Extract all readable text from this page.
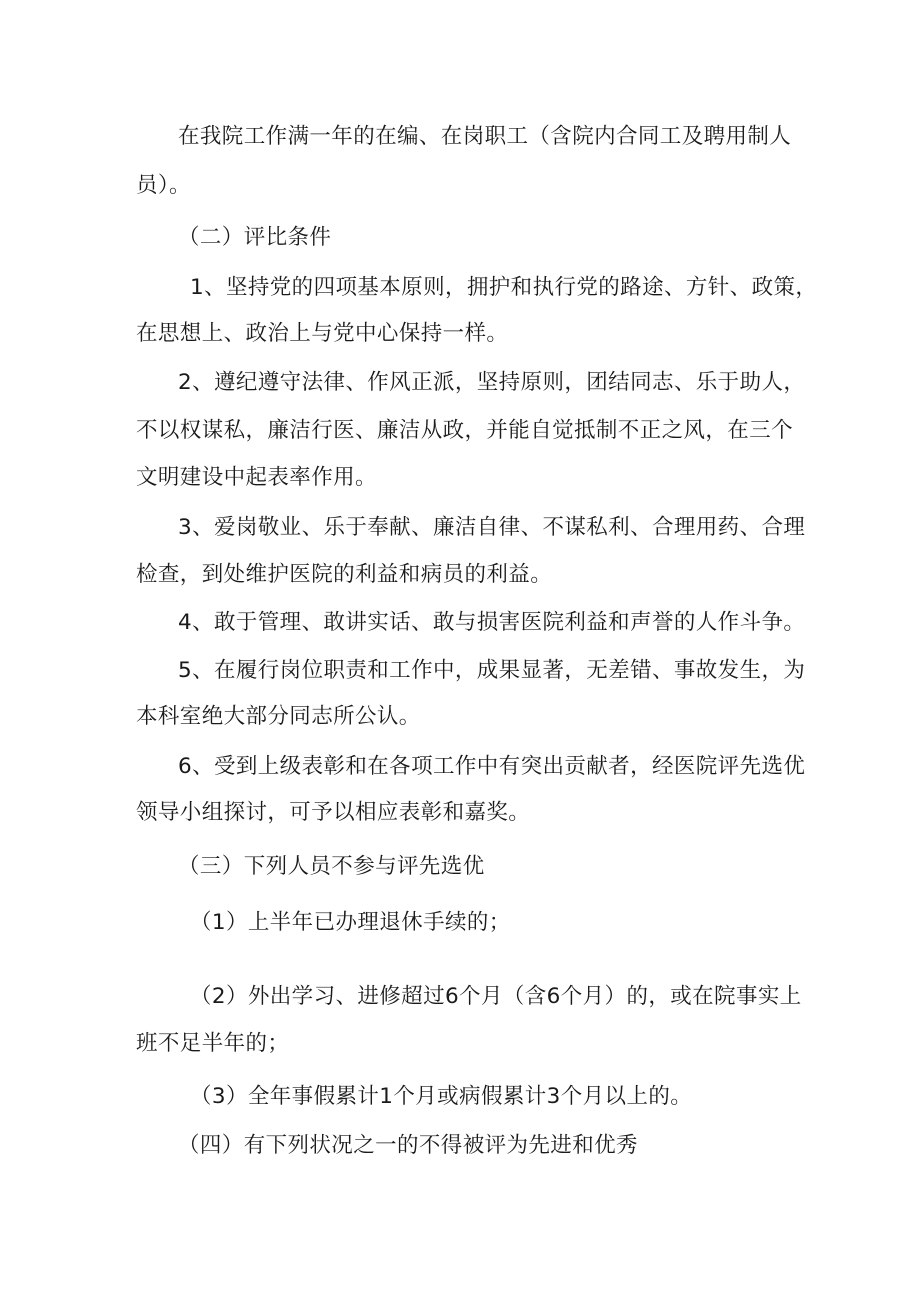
在我院工作满一年的在编、在岗职工（含院内合同工及聘用制人
员）。
（二）评比条件
1、坚持党的四项基本原则，拥护和执行党的路途、方针、政策，
在思想上、政治上与党中心保持一样。
2、遵纪遵守法律、作风正派，坚持原则，团结同志、乐于助人，
不以权谋私，廉洁行医、廉洁从政，并能自觉抵制不正之风，在三个
文明建设中起表率作用。
3、爱岗敬业、乐于奉献、廉洁自律、不谋私利、合理用药、合理
检查，到处维护医院的利益和病员的利益。
4、敢于管理、敢讲实话、敢与损害医院利益和声誉的人作斗争。
5、在履行岗位职责和工作中，成果显著，无差错、事故发生，为
本科室绝大部分同志所公认。
6、受到上级表彰和在各项工作中有突出贡献者，经医院评先选优
领导小组探讨，可予以相应表彰和嘉奖。
（三）下列人员不参与评先选优
（1）上半年已办理退休手续的；
（2）外出学习、进修超过6个月（含6个月）的，或在院事实上
班不足半年的；
（3）全年事假累计1个月或病假累计3个月以上的。
（四）有下列状况之一的不得被评为先进和优秀
